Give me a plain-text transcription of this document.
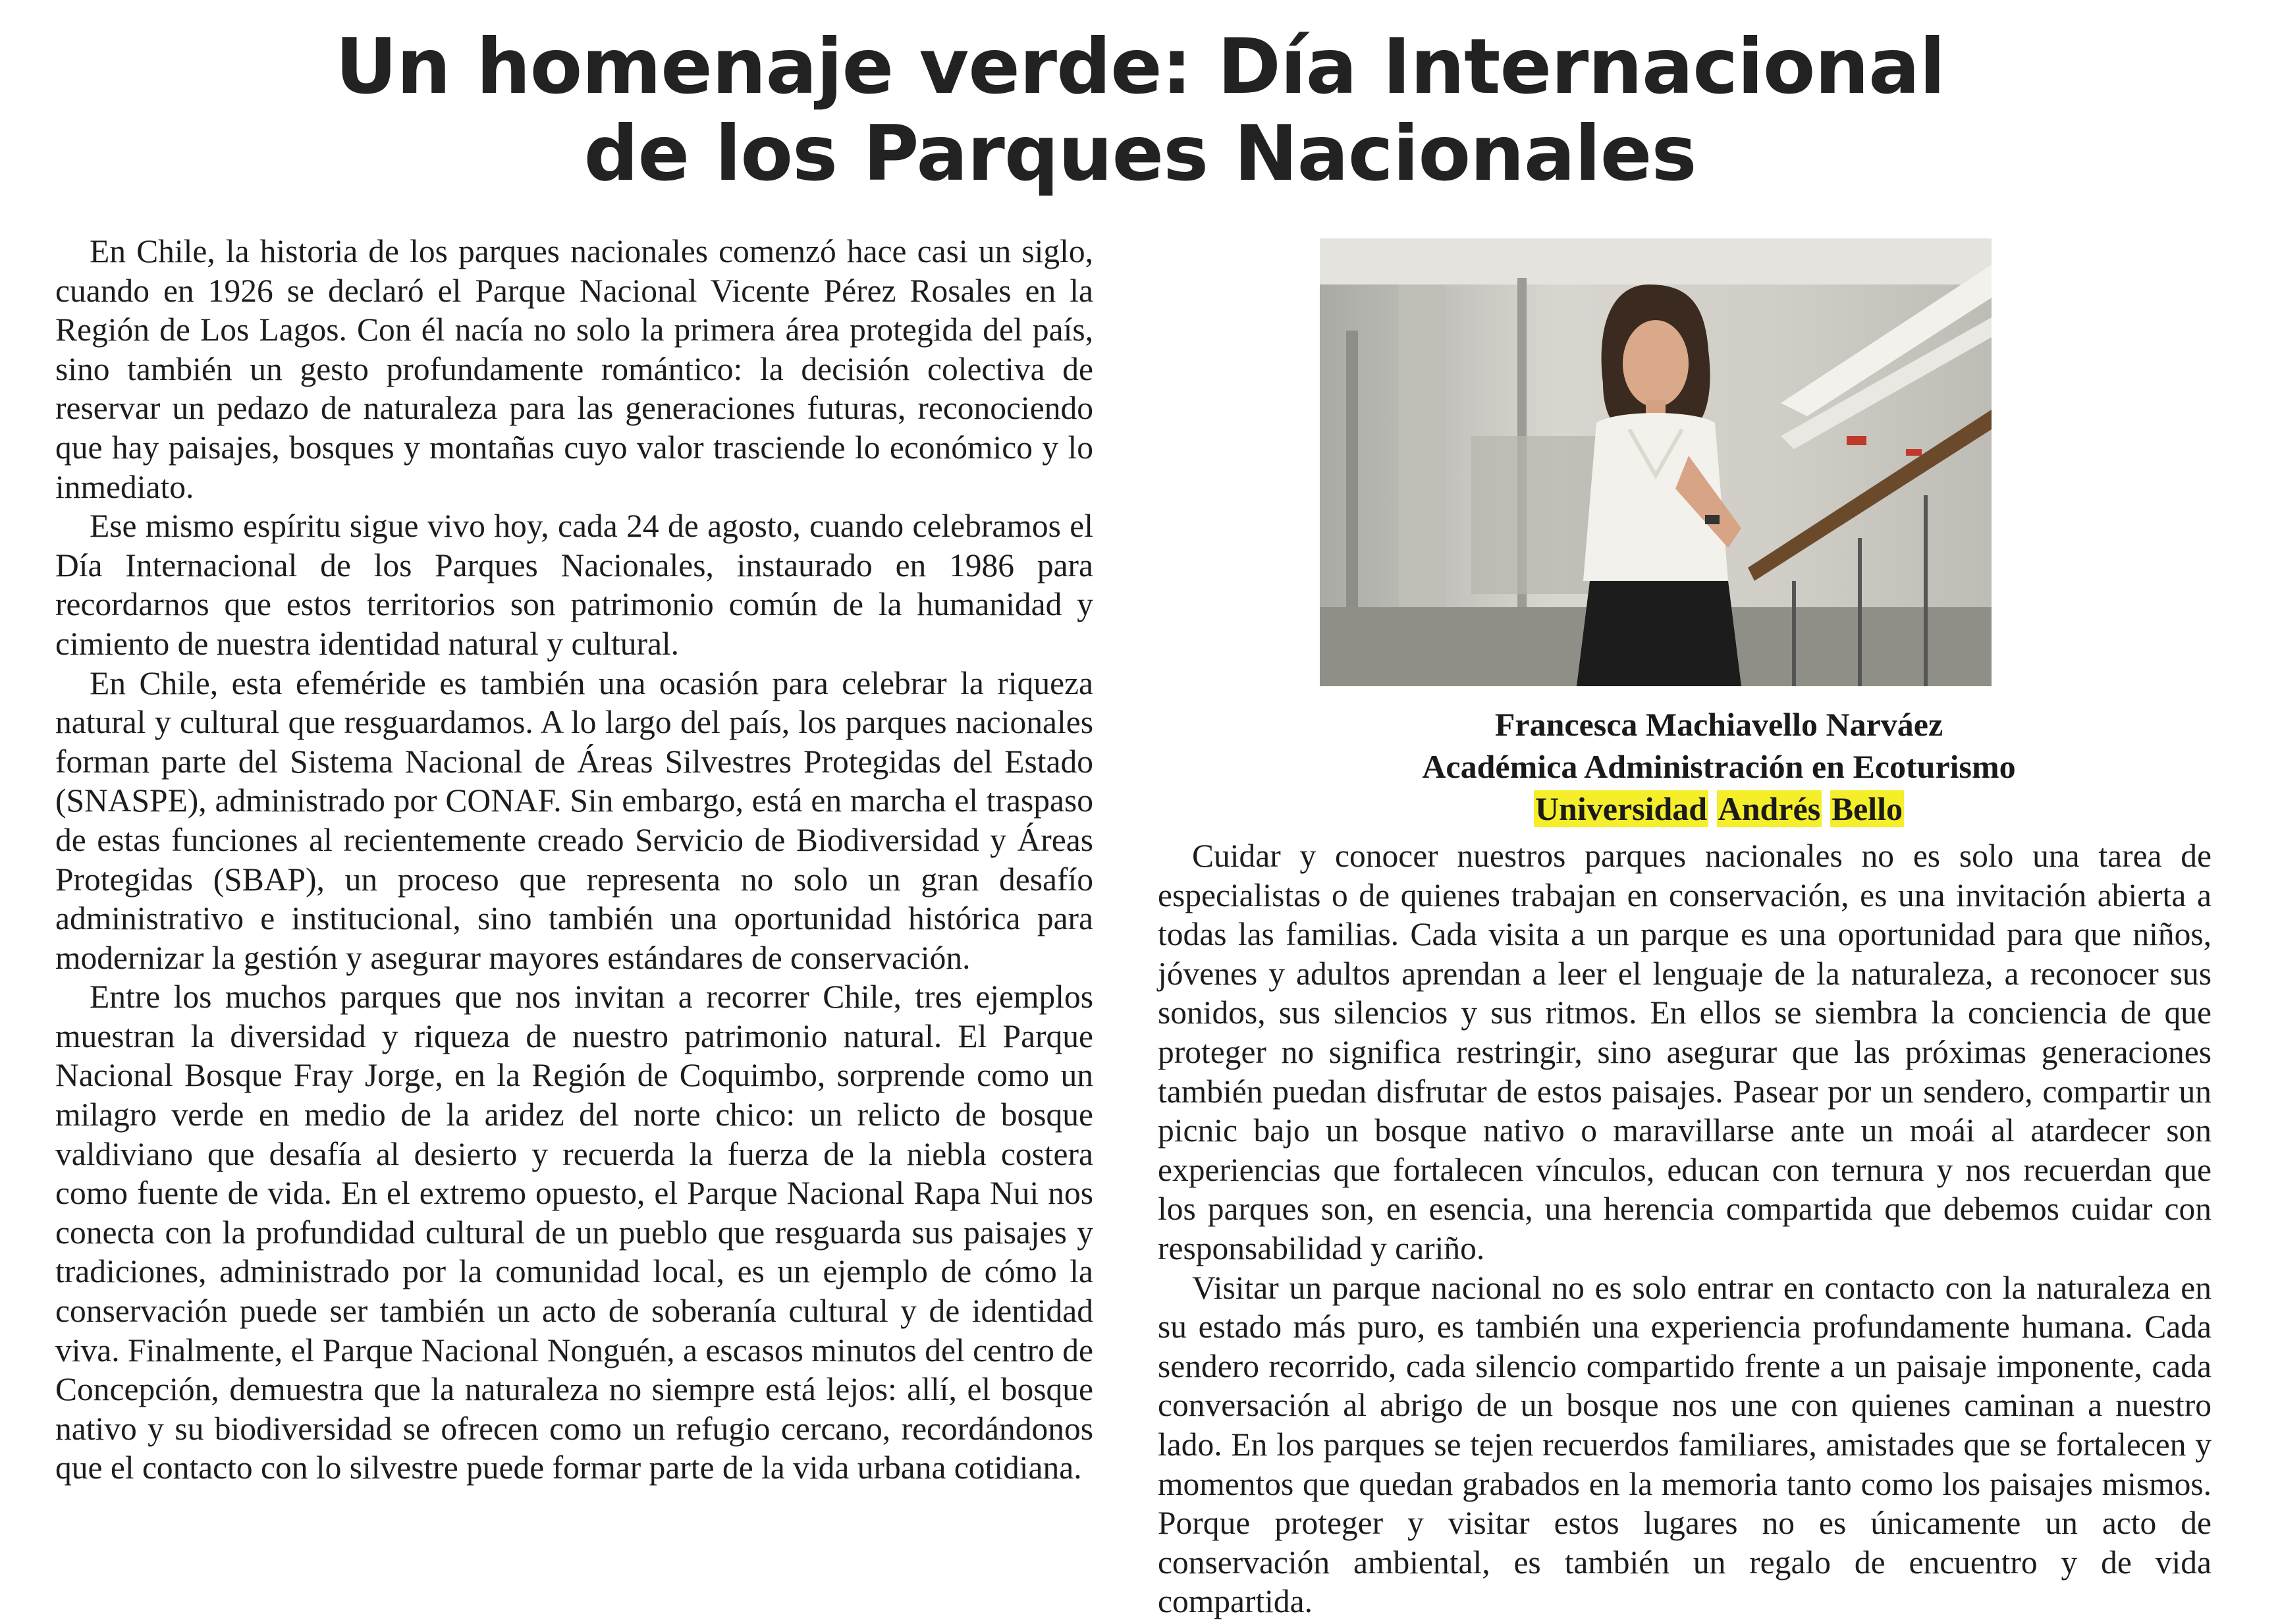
Un homenaje verde: Día Internacional
de los Parques Nacionales

En Chile, la historia de los parques nacionales comenzó hace casi un siglo, cuando en 1926 se declaró el Parque Nacional Vicente Pérez Rosales en la Región de Los Lagos. Con él nacía no solo la primera área protegida del país, sino también un gesto profundamente romántico: la decisión colectiva de reservar un pedazo de naturaleza para las generaciones futuras, reconociendo que hay paisajes, bosques y montañas cuyo valor trasciende lo económico y lo inmediato.

Ese mismo espíritu sigue vivo hoy, cada 24 de agosto, cuando celebramos el Día Internacional de los Parques Nacionales, instaurado en 1986 para recordarnos que estos territorios son patrimonio común de la humanidad y cimiento de nuestra identidad natural y cultural.

En Chile, esta efeméride es también una ocasión para celebrar la riqueza natural y cultural que resguardamos. A lo largo del país, los parques nacionales forman parte del Sistema Nacional de Áreas Silvestres Protegidas del Estado (SNASPE), administrado por CONAF. Sin embargo, está en marcha el traspaso de estas funciones al recientemente creado Servicio de Biodiversidad y Áreas Protegidas (SBAP), un proceso que representa no solo un gran desafío administrativo e institucional, sino también una oportunidad histórica para modernizar la gestión y asegurar mayores estándares de conservación.

Entre los muchos parques que nos invitan a recorrer Chile, tres ejemplos muestran la diversidad y riqueza de nuestro patrimonio natural. El Parque Nacional Bosque Fray Jorge, en la Región de Coquimbo, sorprende como un milagro verde en medio de la aridez del norte chico: un relicto de bosque valdiviano que desafía al desierto y recuerda la fuerza de la niebla costera como fuente de vida. En el extremo opuesto, el Parque Nacional Rapa Nui nos conecta con la profundidad cultural de un pueblo que resguarda sus paisajes y tradiciones, administrado por la comunidad local, es un ejemplo de cómo la conservación puede ser también un acto de soberanía cultural y de identidad viva. Finalmente, el Parque Nacional Nonguén, a escasos minutos del centro de Concepción, demuestra que la naturaleza no siempre está lejos: allí, el bosque nativo y su biodiversidad se ofrecen como un refugio cercano, recordándonos que el contacto con lo silvestre puede formar parte de la vida urbana cotidiana.

Francesca Machiavello Narváez
Académica Administración en Ecoturismo
Universidad Andrés Bello

Cuidar y conocer nuestros parques nacionales no es solo una tarea de especialistas o de quienes trabajan en conservación, es una invitación abierta a todas las familias. Cada visita a un parque es una oportunidad para que niños, jóvenes y adultos aprendan a leer el lenguaje de la naturaleza, a reconocer sus sonidos, sus silencios y sus ritmos. En ellos se siembra la conciencia de que proteger no significa restringir, sino asegurar que las próximas generaciones también puedan disfrutar de estos paisajes. Pasear por un sendero, compartir un picnic bajo un bosque nativo o maravillarse ante un moái al atardecer son experiencias que fortalecen vínculos, educan con ternura y nos recuerdan que los parques son, en esencia, una herencia compartida que debemos cuidar con responsabilidad y cariño.

Visitar un parque nacional no es solo entrar en contacto con la naturaleza en su estado más puro, es también una experiencia profundamente humana. Cada sendero recorrido, cada silencio compartido frente a un paisaje imponente, cada conversación al abrigo de un bosque nos une con quienes caminan a nuestro lado. En los parques se tejen recuerdos familiares, amistades que se fortalecen y momentos que quedan grabados en la memoria tanto como los paisajes mismos. Porque proteger y visitar estos lugares no es únicamente un acto de conservación ambiental, es también un regalo de encuentro y de vida compartida.
